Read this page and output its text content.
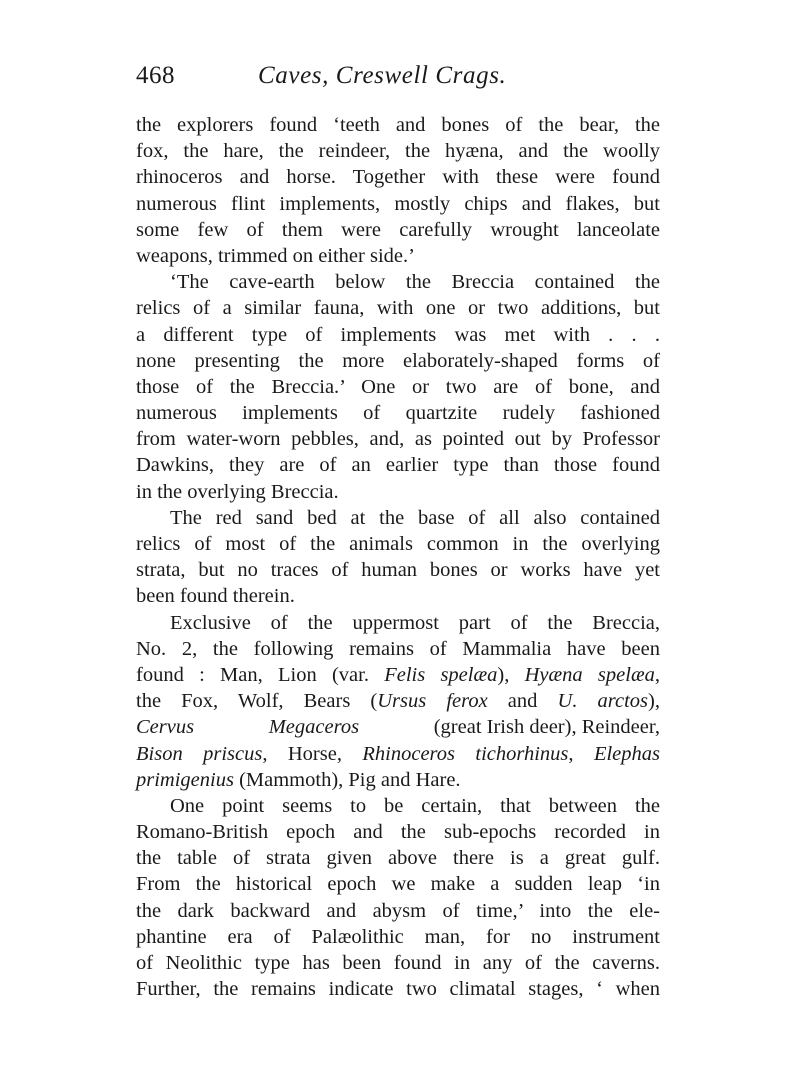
468	Caves, Creswell Crags.
the explorers found ‘teeth and bones of the bear, the
fox, the hare, the reindeer, the hyæna, and the woolly
rhinoceros and horse. Together with these were found
numerous flint implements, mostly chips and flakes, but
some few of them were carefully wrought lanceolate
weapons, trimmed on either side.’
‘The cave-earth below the Breccia contained the
relics of a similar fauna, with one or two additions, but
a different type of implements was met with . . .
none presenting the more elaborately-shaped forms of
those of the Breccia.’ One or two are of bone, and
numerous implements of quartzite rudely fashioned
from water-worn pebbles, and, as pointed out by Professor
Dawkins, they are of an earlier type than those found
in the overlying Breccia.
The red sand bed at the base of all also contained
relics of most of the animals common in the overlying
strata, but no traces of human bones or works have yet
been found therein.
Exclusive of the uppermost part of the Breccia,
No. 2, the following remains of Mammalia have been
found : Man, Lion (var. Felis spelæa), Hyæna spelæa,
the Fox, Wolf, Bears (Ursus ferox and U. arctos),
Cervus	Megaceros	(great Irish deer), Reindeer,
Bison priscus, Horse, Rhinoceros tichorhinus, Elephas
primigenius (Mammoth), Pig and Hare.
One point seems to be certain, that between the
Romano-British epoch and the sub-epochs recorded in
the table of strata given above there is a great gulf.
From the historical epoch we make a sudden leap ‘in
the dark backward and abysm of time,’ into the ele-
phantine era of Palæolithic man, for no instrument
of Neolithic type has been found in any of the caverns.
Further, the remains indicate two climatal stages, ‘ when
